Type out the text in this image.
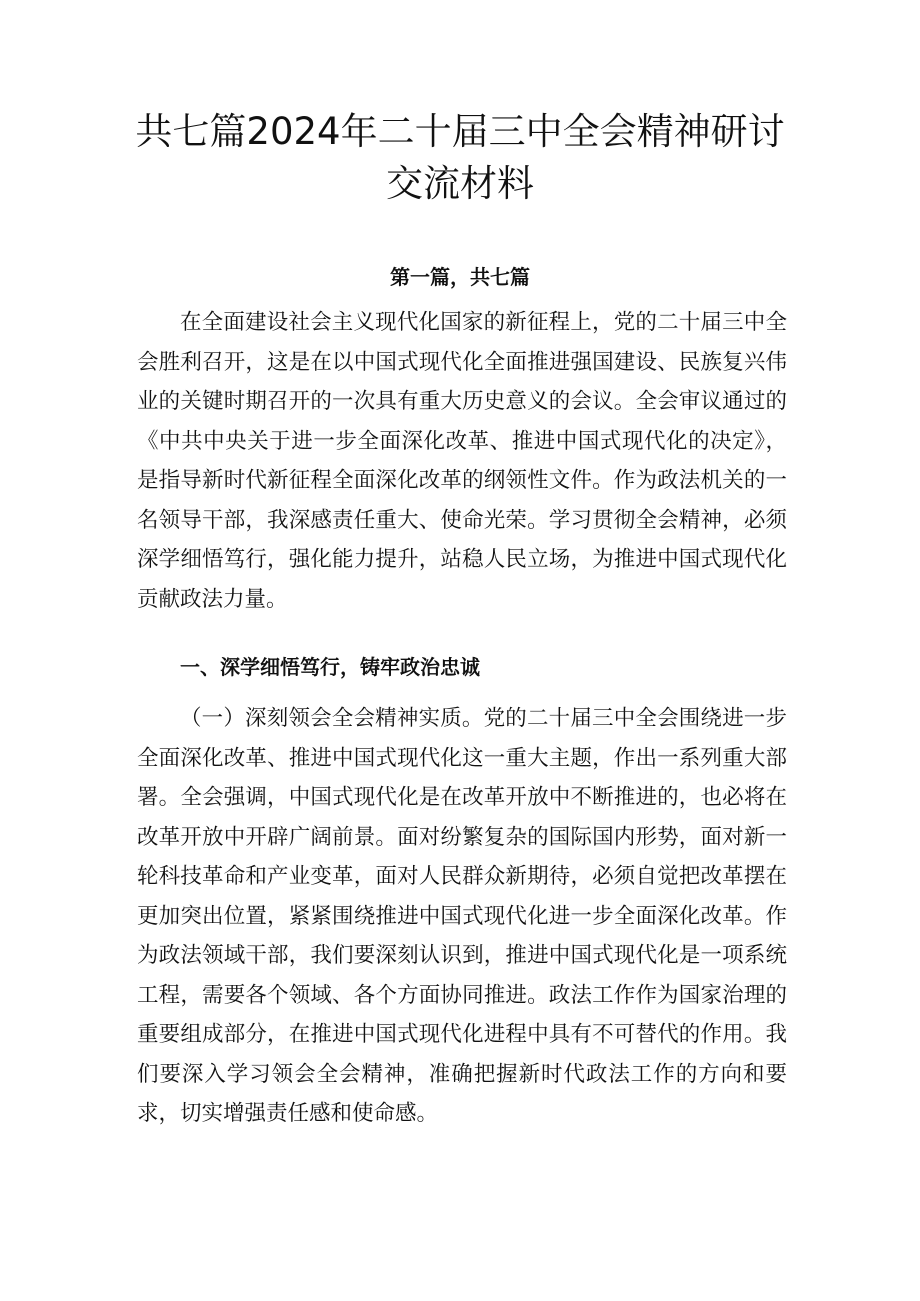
共七篇2024年二十届三中全会精神研讨交流材料
第一篇，共七篇

在全面建设社会主义现代化国家的新征程上，党的二十届三中全会胜利召开，这是在以中国式现代化全面推进强国建设、民族复兴伟业的关键时期召开的一次具有重大历史意义的会议。全会审议通过的《中共中央关于进一步全面深化改革、推进中国式现代化的决定》，是指导新时代新征程全面深化改革的纲领性文件。作为政法机关的一名领导干部，我深感责任重大、使命光荣。学习贯彻全会精神，必须深学细悟笃行，强化能力提升，站稳人民立场，为推进中国式现代化贡献政法力量。

一、深学细悟笃行，铸牢政治忠诚

（一）深刻领会全会精神实质。党的二十届三中全会围绕进一步全面深化改革、推进中国式现代化这一重大主题，作出一系列重大部署。全会强调，中国式现代化是在改革开放中不断推进的，也必将在改革开放中开辟广阔前景。面对纷繁复杂的国际国内形势，面对新一轮科技革命和产业变革，面对人民群众新期待，必须自觉把改革摆在更加突出位置，紧紧围绕推进中国式现代化进一步全面深化改革。作为政法领域干部，我们要深刻认识到，推进中国式现代化是一项系统工程，需要各个领域、各个方面协同推进。政法工作作为国家治理的重要组成部分，在推进中国式现代化进程中具有不可替代的作用。我们要深入学习领会全会精神，准确把握新时代政法工作的方向和要求，切实增强责任感和使命感。
